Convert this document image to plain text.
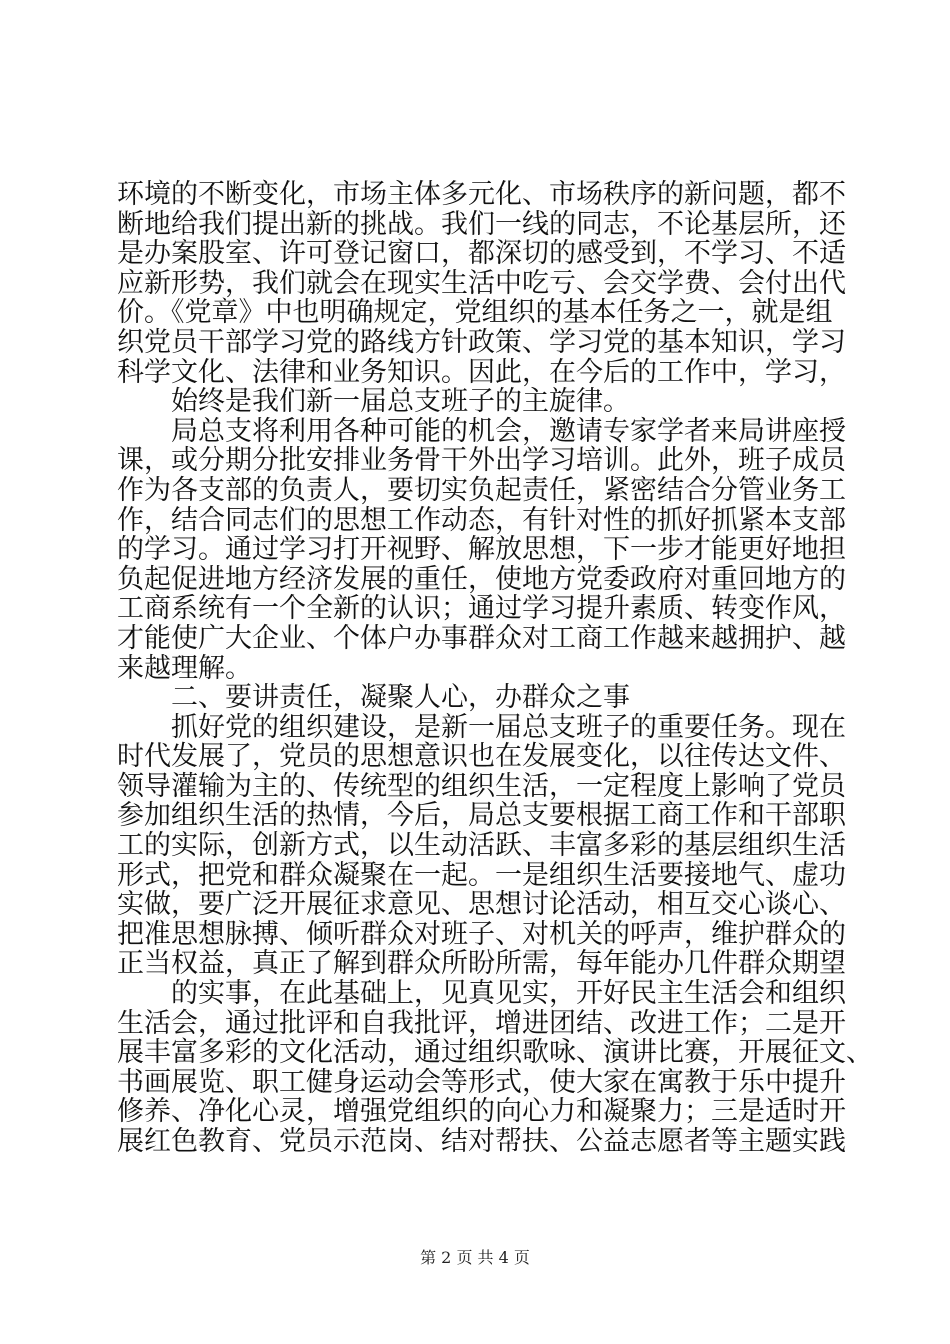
环境的不断变化，市场主体多元化、市场秩序的新问题，都不
断地给我们提出新的挑战。我们一线的同志，不论基层所，还
是办案股室、许可登记窗口，都深切的感受到，不学习、不适
应新形势，我们就会在现实生活中吃亏、会交学费、会付出代
价。《党章》中也明确规定，党组织的基本任务之一，就是组
织党员干部学习党的路线方针政策、学习党的基本知识，学习
科学文化、法律和业务知识。因此，在今后的工作中，学习，
始终是我们新一届总支班子的主旋律。
局总支将利用各种可能的机会，邀请专家学者来局讲座授
课，或分期分批安排业务骨干外出学习培训。此外，班子成员
作为各支部的负责人，要切实负起责任，紧密结合分管业务工
作，结合同志们的思想工作动态，有针对性的抓好抓紧本支部
的学习。通过学习打开视野、解放思想，下一步才能更好地担
负起促进地方经济发展的重任，使地方党委政府对重回地方的
工商系统有一个全新的认识；通过学习提升素质、转变作风，
才能使广大企业、个体户办事群众对工商工作越来越拥护、越
来越理解。
二、要讲责任，凝聚人心，办群众之事
抓好党的组织建设，是新一届总支班子的重要任务。现在
时代发展了，党员的思想意识也在发展变化，以往传达文件、
领导灌输为主的、传统型的组织生活，一定程度上影响了党员
参加组织生活的热情，今后，局总支要根据工商工作和干部职
工的实际，创新方式，以生动活跃、丰富多彩的基层组织生活
形式，把党和群众凝聚在一起。一是组织生活要接地气、虚功
实做，要广泛开展征求意见、思想讨论活动，相互交心谈心、
把准思想脉搏、倾听群众对班子、对机关的呼声，维护群众的
正当权益，真正了解到群众所盼所需，每年能办几件群众期望
的实事，在此基础上，见真见实，开好民主生活会和组织
生活会，通过批评和自我批评，增进团结、改进工作；二是开
展丰富多彩的文化活动，通过组织歌咏、演讲比赛，开展征文、
书画展览、职工健身运动会等形式，使大家在寓教于乐中提升
修养、净化心灵，增强党组织的向心力和凝聚力；三是适时开
展红色教育、党员示范岗、结对帮扶、公益志愿者等主题实践
第 2 页 共 4 页
